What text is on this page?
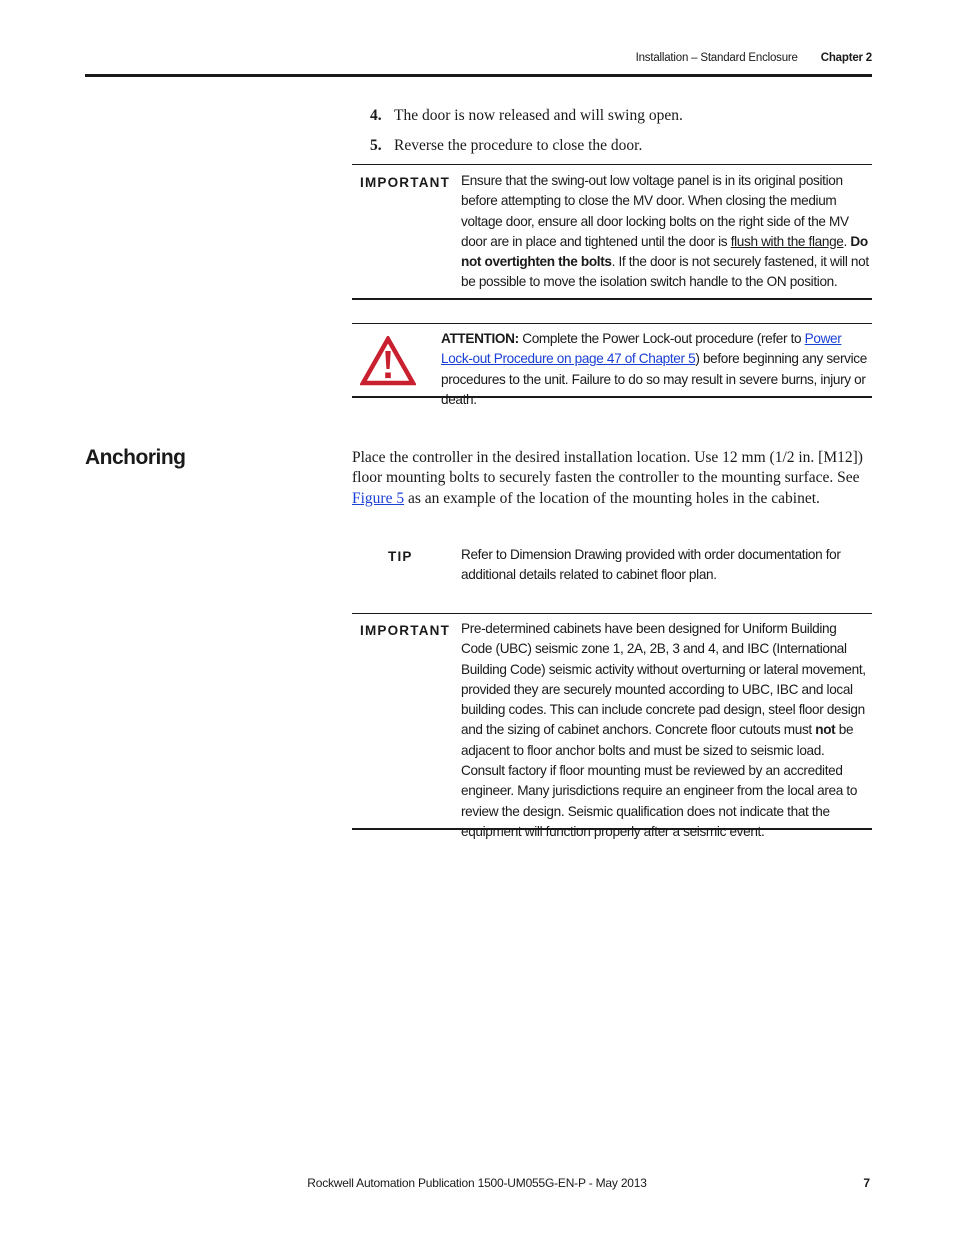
Installation – Standard Enclosure Chapter 2
4. The door is now released and will swing open.
5. Reverse the procedure to close the door.
IMPORTANT Ensure that the swing-out low voltage panel is in its original position before attempting to close the MV door. When closing the medium voltage door, ensure all door locking bolts on the right side of the MV door are in place and tightened until the door is flush with the flange. Do not overtighten the bolts. If the door is not securely fastened, it will not be possible to move the isolation switch handle to the ON position.
ATTENTION: Complete the Power Lock-out procedure (refer to Power Lock-out Procedure on page 47 of Chapter 5) before beginning any service procedures to the unit. Failure to do so may result in severe burns, injury or death.
Anchoring	Place the controller in the desired installation location. Use 12 mm (1/2 in. [M12]) floor mounting bolts to securely fasten the controller to the mounting surface. See Figure 5 as an example of the location of the mounting holes in the cabinet.
TIP	Refer to Dimension Drawing provided with order documentation for additional details related to cabinet floor plan.
IMPORTANT Pre-determined cabinets have been designed for Uniform Building Code (UBC) seismic zone 1, 2A, 2B, 3 and 4, and IBC (International Building Code) seismic activity without overturning or lateral movement, provided they are securely mounted according to UBC, IBC and local building codes. This can include concrete pad design, steel floor design and the sizing of cabinet anchors. Concrete floor cutouts must not be adjacent to floor anchor bolts and must be sized to seismic load. Consult factory if floor mounting must be reviewed by an accredited engineer. Many jurisdictions require an engineer from the local area to review the design. Seismic qualification does not indicate that the equipment will function properly after a seismic event.
Rockwell Automation Publication 1500-UM055G-EN-P - May 2013	7
